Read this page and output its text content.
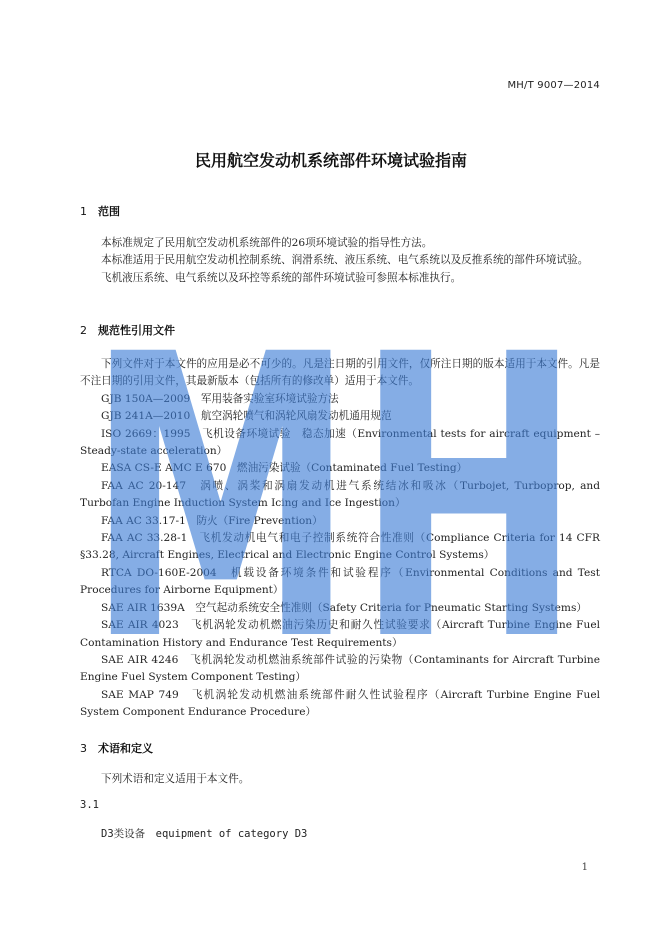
MH/T 9007—2014
民用航空发动机系统部件环境试验指南
1 范围

本标准规定了民用航空发动机系统部件的26项环境试验的指导性方法。

本标准适用于民用航空发动机控制系统、润滑系统、液压系统、电气系统以及反推系统的部件环境试验。

飞机液压系统、电气系统以及环控等系统的部件环境试验可参照本标准执行。

2 规范性引用文件

下列文件对于本文件的应用是必不可少的。凡是注日期的引用文件，仅所注日期的版本适用于本文件。凡是不注日期的引用文件，其最新版本（包括所有的修改单）适用于本文件。

GJB 150A—2009　军用装备实验室环境试验方法

GJB 241A—2010　航空涡轮喷气和涡轮风扇发动机通用规范

ISO 2669：1995　飞机设备环境试验　稳态加速（Environmental tests for aircraft equipment – Steady-state acceleration）

EASA CS-E AMC E 670　燃油污染试验（Contaminated Fuel Testing）

FAA AC 20-147　涡喷、涡桨和涡扇发动机进气系统结冰和吸冰（Turbojet, Turboprop, and Turbofan Engine Induction System Icing and Ice Ingestion）

FAA AC 33.17-1　防火（Fire Prevention）

FAA AC 33.28-1　飞机发动机电气和电子控制系统符合性准则（Compliance Criteria for 14 CFR §33.28, Aircraft Engines, Electrical and Electronic Engine Control Systems）

RTCA DO-160E-2004　机载设备环境条件和试验程序（Environmental Conditions and Test Procedures for Airborne Equipment）

SAE AIR 1639A　空气起动系统安全性准则（Safety Criteria for Pneumatic Starting Systems）

SAE AIR 4023　飞机涡轮发动机燃油污染历史和耐久性试验要求（Aircraft Turbine Engine Fuel Contamination History and Endurance Test Requirements）

SAE AIR 4246　飞机涡轮发动机燃油系统部件试验的污染物（Contaminants for Aircraft Turbine Engine Fuel System Component Testing）

SAE MAP 749　飞机涡轮发动机燃油系统部件耐久性试验程序（Aircraft Turbine Engine Fuel System Component Endurance Procedure）

3 术语和定义

下列术语和定义适用于本文件。

3.1
D3类设备　equipment of category D3
1
MH
